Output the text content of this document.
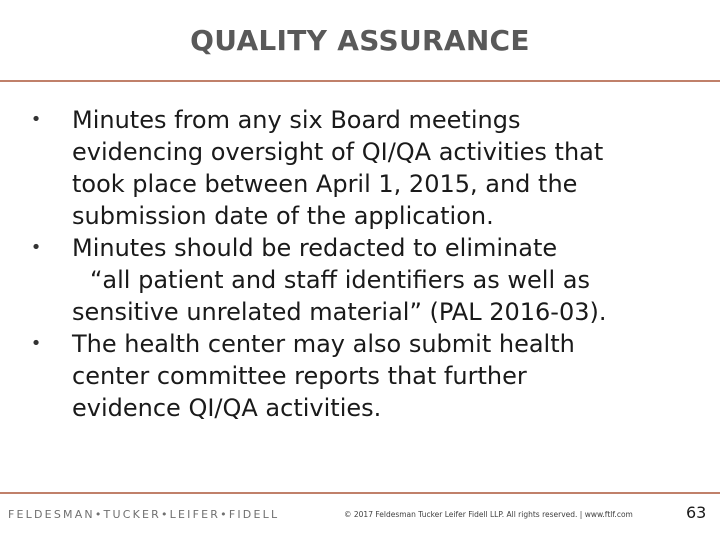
QUALITY ASSURANCE
• Minutes from any six Board meetings
evidencing oversight of QI/QA activities that
took place between April 1, 2015, and the
submission date of the application.
• Minutes should be redacted to eliminate
“all patient and staff identifiers as well as
sensitive unrelated material” (PAL 2016-03).
• The health center may also submit health
center committee reports that further
evidence QI/QA activities.
FELDESMAN•TUCKER•LEIFER•FIDELL	© 2017 Feldesman Tucker Leifer Fidell LLP. All rights reserved. | www.ftlf.com	63
